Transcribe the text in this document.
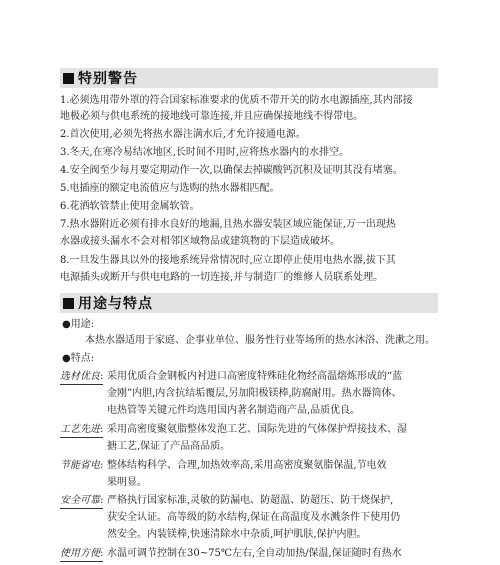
特别警告
1.必须选用带外罩的符合国家标准要求的优质不带开关的防水电源插座,其内部接
地极必须与供电系统的接地线可靠连接,并且应确保接地线不得带电。
2.首次使用,必须先将热水器注满水后,才允许接通电源。
3.冬天,在寒冷易结冰地区,长时间不用时,应将热水器内的水排空。
4.安全阀至少每月要定期动作一次,以确保去掉碳酸钙沉积及证明其没有堵塞。
5.电插座的额定电流值应与选购的热水器相匹配。
6.花洒软管禁止使用金属软管。
7.热水器附近必须有排水良好的地漏,且热水器安装区域应能保证,万一出现热
水器或接头漏水不会对相邻区域物品或建筑物的下层造成破坏。
8.一旦发生器具以外的接地系统异常情况时,应立即停止使用电热水器,拔下其
电源插头或断开与供电电路的一切连接,并与制造厂的维修人员联系处理。
用途与特点
●用途:
本热水器适用于家庭、企事业单位、服务性行业等场所的热水沐浴、洗漱之用。
●特点:
选材优良 : 采用优质合金钢板内衬进口高密度特殊硅化物经高温熔炼形成的“蓝
金刚”内胆,内含抗结垢覆层,另加阳极镁棒,防腐耐用。热水器筒体、
电热管等关键元件均选用国内著名制造商产品,品质优良。
工艺先进 : 采用高密度聚氨脂整体发泡工艺、国际先进的气体保护焊接技术、湿
搪工艺,保证了产品高品质。
节能省电 : 整体结构科学、合理,加热效率高,采用高密度聚氨脂保温,节电效
果明显。
安全可靠 : 严格执行国家标准,灵敏的防漏电、防超温、防超压、防干烧保护,
获安全认证。高等级的防水结构,保证在高温度及水溅条件下使用仍
然安全。内装镁棒,快速清除水中杂质,呵护肌肤,保护内胆。
使用方便 : 水温可调节控制在30~75℃左右,全自动加热/保温,保证随时有热水
